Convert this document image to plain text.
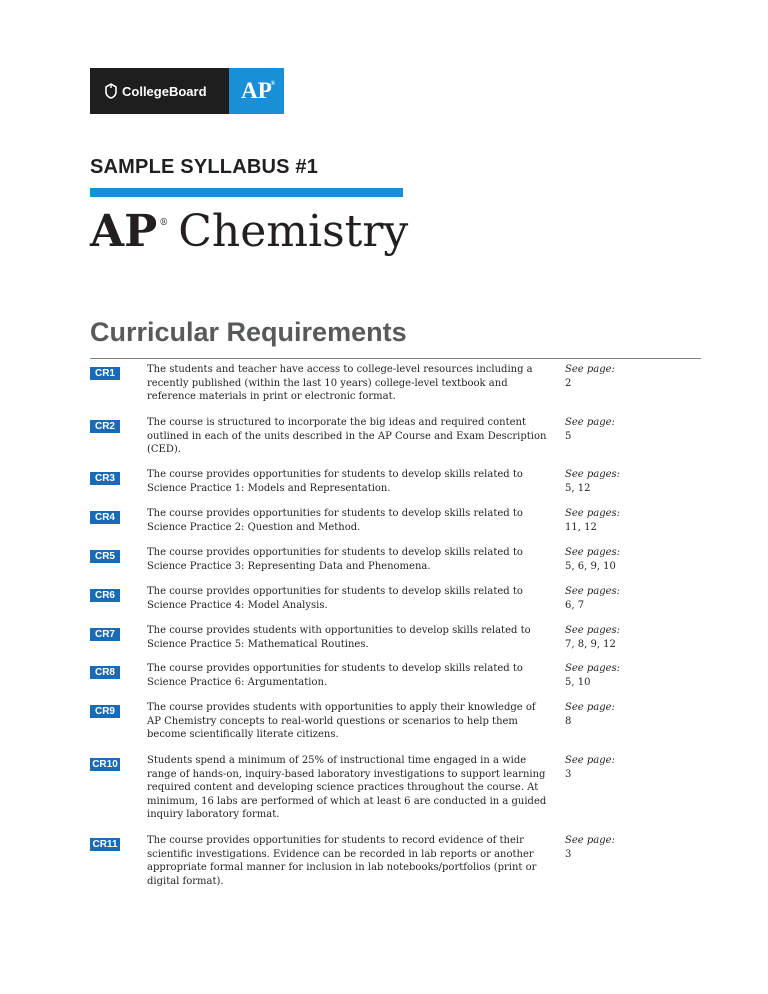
CollegeBoard AP
®
SAMPLE SYLLABUS #1
AP ® Chemistry
Curricular Requirements
CR1	The students and teacher have access to college-level resources including a recently published (within the last 10 years) college-level textbook and reference materials in print or electronic format.
See page:
2
CR2	The course is structured to incorporate the big ideas and required content outlined in each of the units described in the AP Course and Exam Description (CED).
See page:
5
CR3	The course provides opportunities for students to develop skills related to Science Practice 1: Models and Representation.
See pages:
5, 12
CR4	The course provides opportunities for students to develop skills related to Science Practice 2: Question and Method.
See pages:
11, 12
CR5	The course provides opportunities for students to develop skills related to Science Practice 3: Representing Data and Phenomena.
See pages:
5, 6, 9, 10
CR6	The course provides opportunities for students to develop skills related to Science Practice 4: Model Analysis.
See pages:
6, 7
CR7	The course provides students with opportunities to develop skills related to Science Practice 5: Mathematical Routines.
See pages:
7, 8, 9, 12
CR8	The course provides opportunities for students to develop skills related to Science Practice 6: Argumentation.
See pages:
5, 10
CR9	The course provides students with opportunities to apply their knowledge of AP Chemistry concepts to real-world questions or scenarios to help them become scientifically literate citizens.
See page:
8
CR10	Students spend a minimum of 25% of instructional time engaged in a wide range of hands-on, inquiry-based laboratory investigations to support learning required content and developing science practices throughout the course. At minimum, 16 labs are performed of which at least 6 are conducted in a guided inquiry laboratory format.
See page:
3
CR11	The course provides opportunities for students to record evidence of their scientific investigations. Evidence can be recorded in lab reports or another appropriate formal manner for inclusion in lab notebooks/portfolios (print or digital format).
See page:
3
